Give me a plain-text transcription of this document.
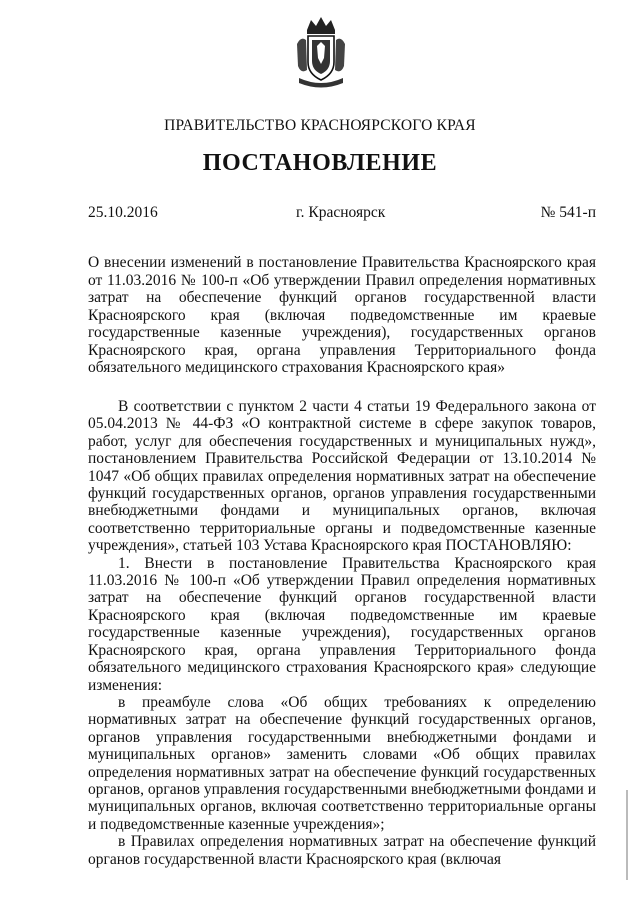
ПРАВИТЕЛЬСТВО КРАСНОЯРСКОГО КРАЯ
ПОСТАНОВЛЕНИЕ
25.10.2016	г. Красноярск	№ 541-п
О внесении изменений в постановление Правительства Красноярского края от 11.03.2016 № 100-п «Об утверждении Правил определения нормативных затрат на обеспечение функций органов государственной власти Красноярского края (включая подведомственные им краевые государственные казенные учреждения), государственных органов Красноярского края, органа управления Территориального фонда обязательного медицинского страхования Красноярского края»

В соответствии с пунктом 2 части 4 статьи 19 Федерального закона от 05.04.2013 № 44-ФЗ «О контрактной системе в сфере закупок товаров, работ, услуг для обеспечения государственных и муниципальных нужд», постановлением Правительства Российской Федерации от 13.10.2014 № 1047 «Об общих правилах определения нормативных затрат на обеспечение функций государственных органов, органов управления государственными внебюджетными фондами и муниципальных органов, включая соответственно территориальные органы и подведомственные казенные учреждения», статьей 103 Устава Красноярского края ПОСТАНОВЛЯЮ:

1. Внести в постановление Правительства Красноярского края 11.03.2016 № 100-п «Об утверждении Правил определения нормативных затрат на обеспечение функций органов государственной власти Красноярского края (включая подведомственные им краевые государственные казенные учреждения), государственных органов Красноярского края, органа управления Территориального фонда обязательного медицинского страхования Красноярского края» следующие изменения:

в преамбуле слова «Об общих требованиях к определению нормативных затрат на обеспечение функций государственных органов, органов управления государственными внебюджетными фондами и муниципальных органов» заменить словами «Об общих правилах определения нормативных затрат на обеспечение функций государственных органов, органов управления государственными внебюджетными фондами и муниципальных органов, включая соответственно территориальные органы и подведомственные казенные учреждения»;

в Правилах определения нормативных затрат на обеспечение функций органов государственной власти Красноярского края (включая
